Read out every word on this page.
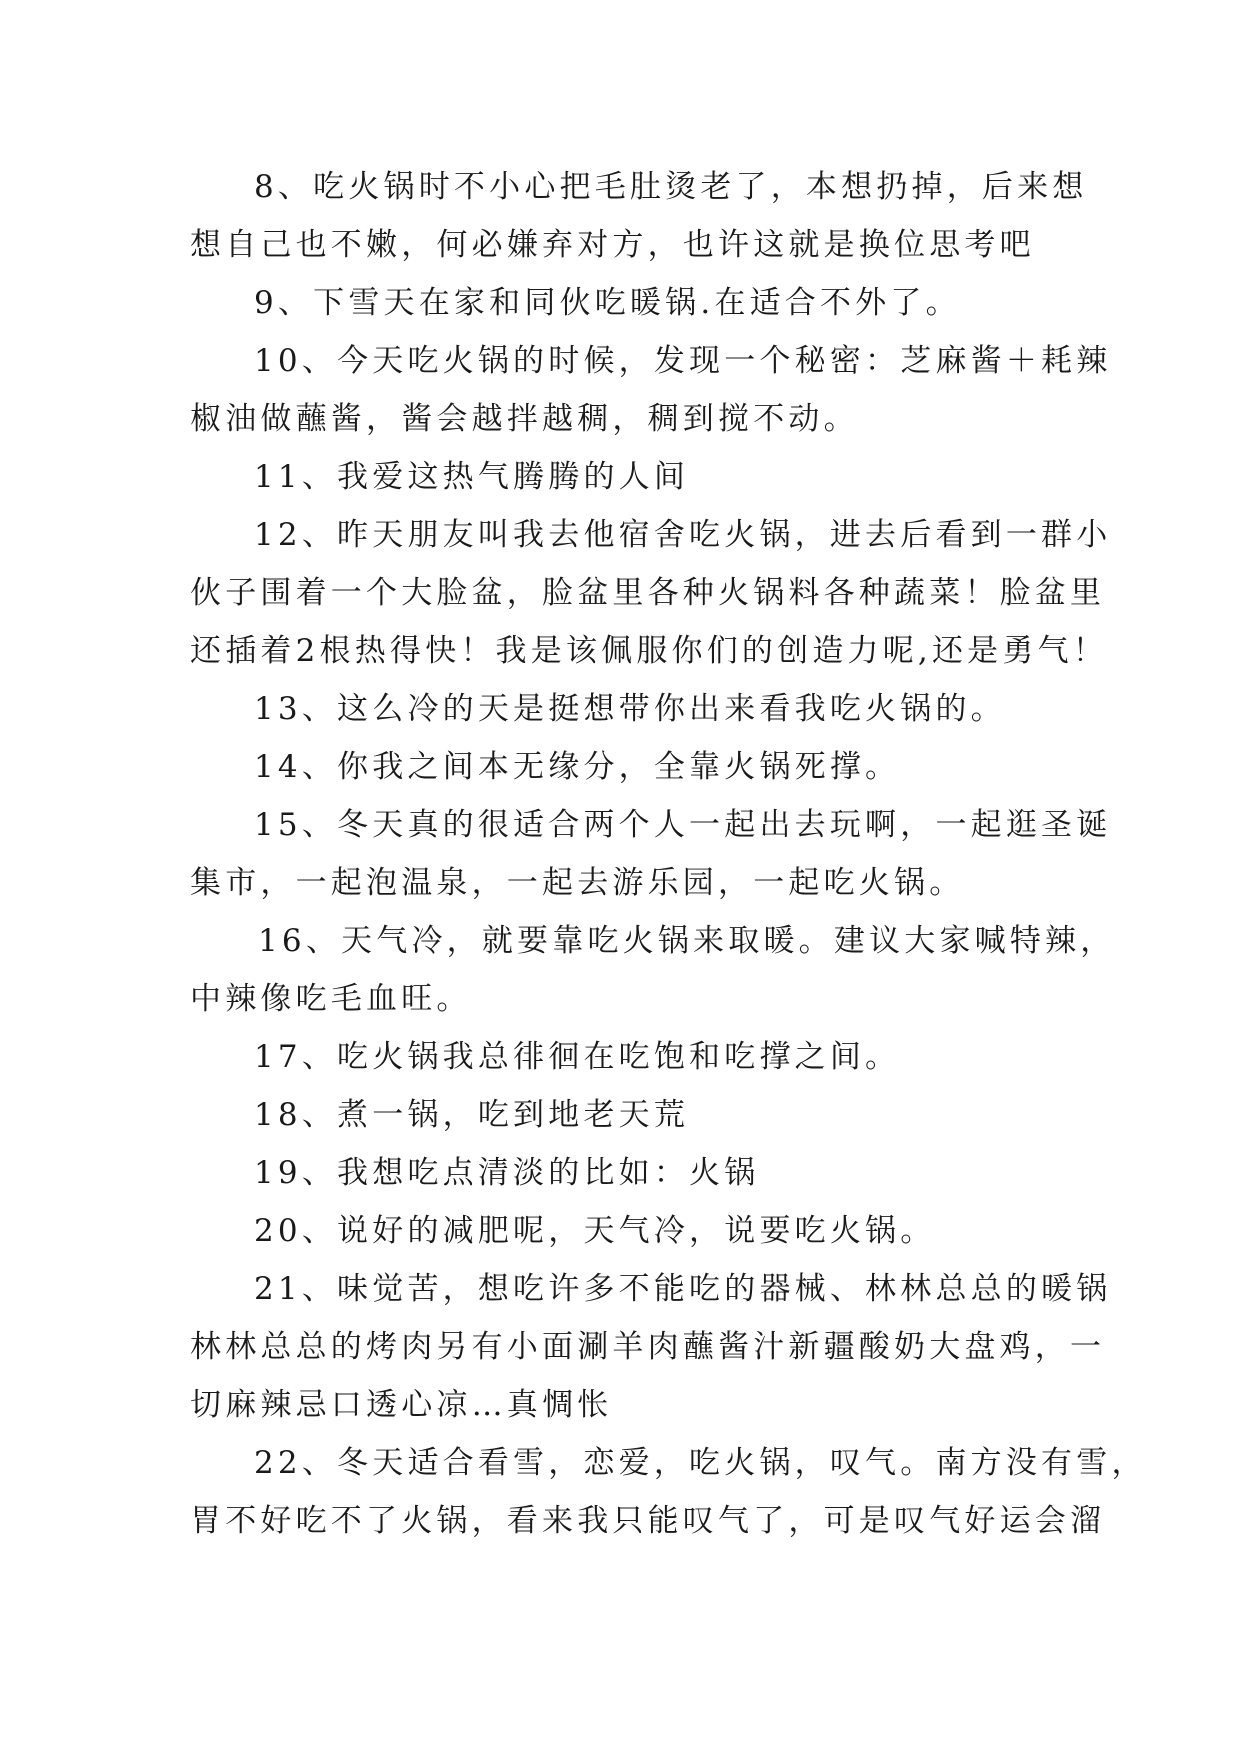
8、吃火锅时不小心把毛肚烫老了，本想扔掉，后来想
想自己也不嫩，何必嫌弃对方，也许这就是换位思考吧
9、下雪天在家和同伙吃暖锅.在适合不外了。
10、今天吃火锅的时候，发现一个秘密：芝麻酱＋耗辣
椒油做蘸酱，酱会越拌越稠，稠到搅不动。
11、我爱这热气腾腾的人间
12、昨天朋友叫我去他宿舍吃火锅，进去后看到一群小
伙子围着一个大脸盆，脸盆里各种火锅料各种蔬菜！脸盆里
还插着2根热得快！我是该佩服你们的创造力呢,还是勇气！
13、这么冷的天是挺想带你出来看我吃火锅的。
14、你我之间本无缘分，全靠火锅死撑。
15、冬天真的很适合两个人一起出去玩啊，一起逛圣诞
集市，一起泡温泉，一起去游乐园，一起吃火锅。
16、天气冷，就要靠吃火锅来取暖。建议大家喊特辣，
中辣像吃毛血旺。
17、吃火锅我总徘徊在吃饱和吃撑之间。
18、煮一锅，吃到地老天荒
19、我想吃点清淡的比如：火锅
20、说好的减肥呢，天气冷，说要吃火锅。
21、味觉苦，想吃许多不能吃的器械、林林总总的暖锅
林林总总的烤肉另有小面涮羊肉蘸酱汁新疆酸奶大盘鸡，一
切麻辣忌口透心凉…真惆怅
22、冬天适合看雪，恋爱，吃火锅，叹气。南方没有雪，
胃不好吃不了火锅，看来我只能叹气了，可是叹气好运会溜
